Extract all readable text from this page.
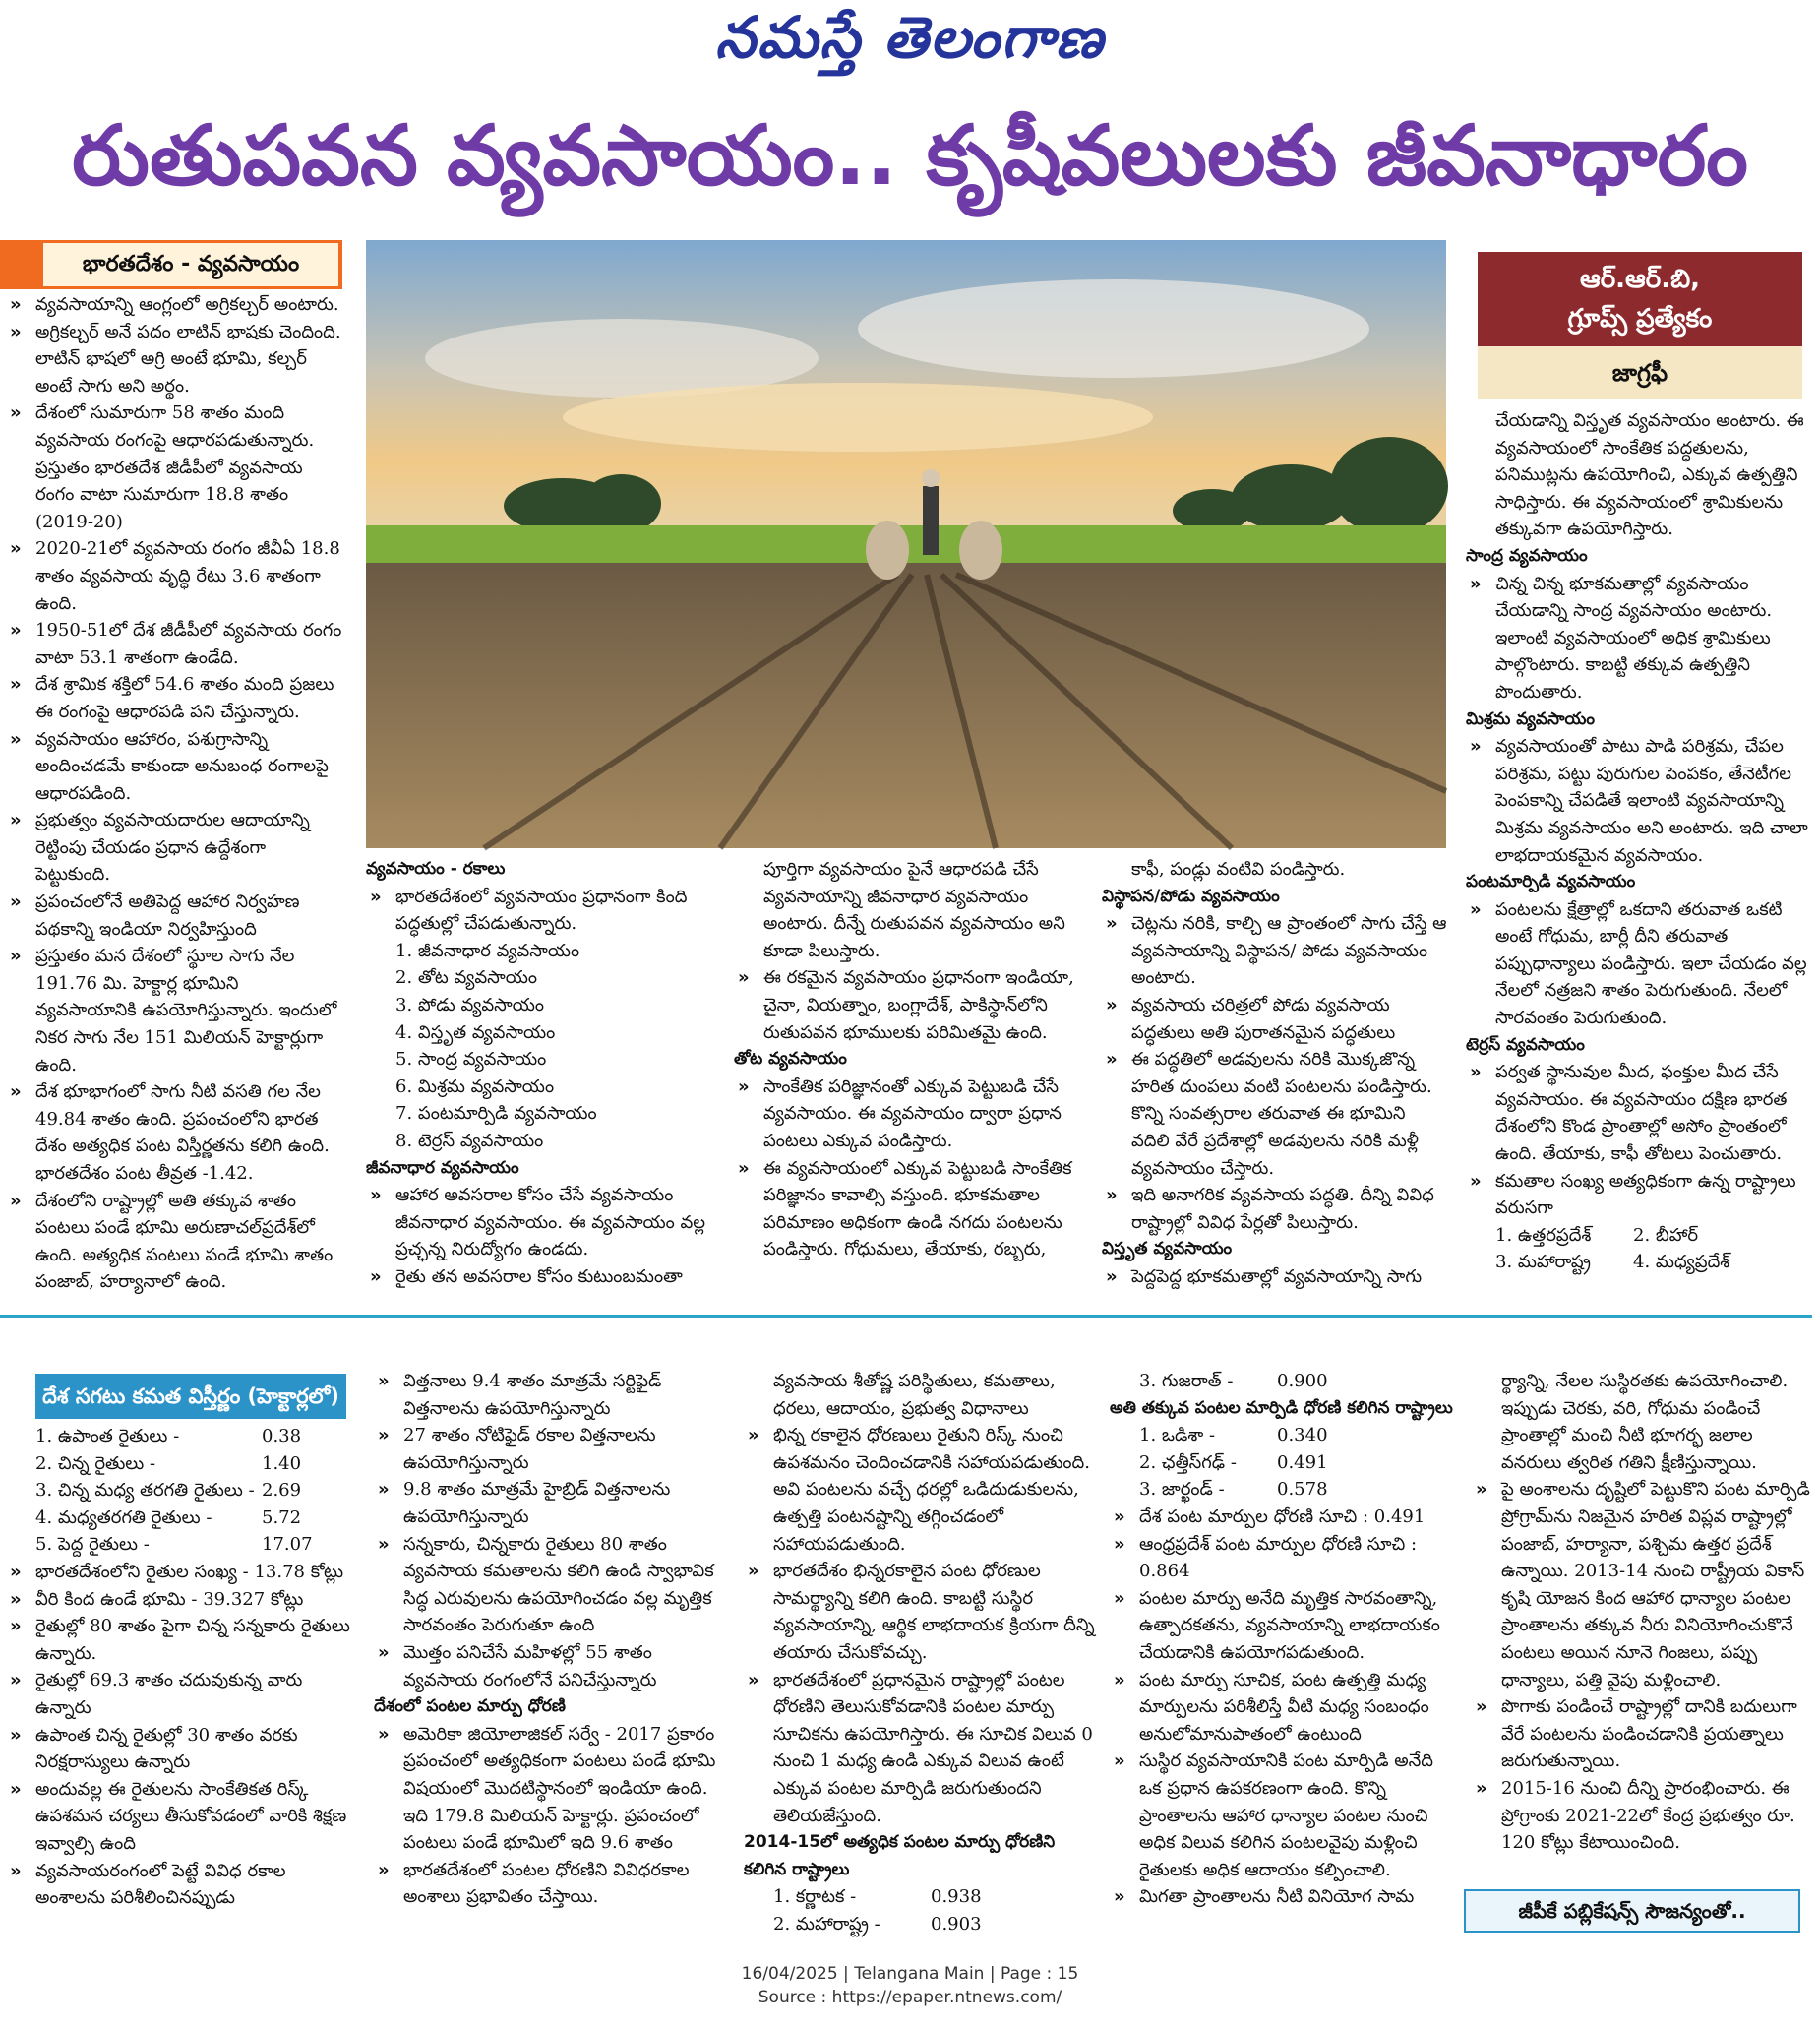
నమస్తే తెలంగాణ
రుతుపవన వ్యవసాయం.. కృషీవలులకు జీవనాధారం
భారతదేశం - వ్యవసాయం

» వ్యవసాయాన్ని ఆంగ్లంలో అగ్రికల్చర్ అంటారు.

» అగ్రికల్చర్ అనే పదం లాటిన్ భాషకు చెందింది. లాటిన్ భాషలో అగ్రి అంటే భూమి, కల్చర్ అంటే సాగు అని అర్థం.

» దేశంలో సుమారుగా 58 శాతం మంది వ్యవసాయ రంగంపై ఆధారపడుతున్నారు. ప్రస్తుతం భారతదేశ జీడీపీలో వ్యవసాయ రంగం వాటా సుమారుగా 18.8 శాతం (2019-20)

» 2020-21లో వ్యవసాయ రంగం జీవీఏ 18.8 శాతం వ్యవసాయ వృద్ధి రేటు 3.6 శాతంగా ఉంది.

» 1950-51లో దేశ జీడీపీలో వ్యవసాయ రంగం వాటా 53.1 శాతంగా ఉండేది.

» దేశ శ్రామిక శక్తిలో 54.6 శాతం మంది ప్రజలు ఈ రంగంపై ఆధారపడి పని చేస్తున్నారు.

» వ్యవసాయం ఆహారం, పశుగ్రాసాన్ని అందించడమే కాకుండా అనుబంధ రంగాలపై ఆధారపడింది.

» ప్రభుత్వం వ్యవసాయదారుల ఆదాయాన్ని రెట్టింపు చేయడం ప్రధాన ఉద్దేశంగా పెట్టుకుంది.

» ప్రపంచంలోనే అతిపెద్ద ఆహార నిర్వహణ పథకాన్ని ఇండియా నిర్వహిస్తుంది

» ప్రస్తుతం మన దేశంలో స్థూల సాగు నేల 191.76 మి. హెక్టార్ల భూమిని వ్యవసాయానికి ఉపయోగిస్తున్నారు. ఇందులో నికర సాగు నేల 151 మిలియన్ హెక్టార్లుగా ఉంది.

» దేశ భూభాగంలో సాగు నీటి వసతి గల నేల 49.84 శాతం ఉంది. ప్రపంచంలోని భారత దేశం అత్యధిక పంట విస్తీర్ణతను కలిగి ఉంది. భారతదేశం పంట తీవ్రత -1.42.

» దేశంలోని రాష్ట్రాల్లో అతి తక్కువ శాతం పంటలు పండే భూమి అరుణాచల్‌ప్రదేశ్‌లో ఉంది. అత్యధిక పంటలు పండే భూమి శాతం పంజాబ్, హర్యానాలో ఉంది.

ఆర్.ఆర్.బి,
గ్రూప్స్ ప్రత్యేకం
జాగ్రఫీ

వ్యవసాయం - రకాలు

» భారతదేశంలో వ్యవసాయం ప్రధానంగా కింది పద్ధతుల్లో చేపడుతున్నారు.

1. జీవనాధార వ్యవసాయం

2. తోట వ్యవసాయం

3. పోడు వ్యవసాయం

4. విస్తృత వ్యవసాయం

5. సాంద్ర వ్యవసాయం

6. మిశ్రమ వ్యవసాయం

7. పంటమార్పిడి వ్యవసాయం

8. టెర్రస్ వ్యవసాయం

జీవనాధార వ్యవసాయం

» ఆహార అవసరాల కోసం చేసే వ్యవసాయం జీవనాధార వ్యవసాయం. ఈ వ్యవసాయం వల్ల ప్రచ్ఛన్న నిరుద్యోగం ఉండదు.

» రైతు తన అవసరాల కోసం కుటుంబమంతా

పూర్తిగా వ్యవసాయం పైనే ఆధారపడి చేసే వ్యవసాయాన్ని జీవనాధార వ్యవసాయం అంటారు. దీన్నే రుతుపవన వ్యవసాయం అని కూడా పిలుస్తారు.

» ఈ రకమైన వ్యవసాయం ప్రధానంగా ఇండియా, చైనా, వియత్నాం, బంగ్లాదేశ్, పాకిస్థాన్‌లోని రుతుపవన భూములకు పరిమితమై ఉంది.

తోట వ్యవసాయం

» సాంకేతిక పరిజ్ఞానంతో ఎక్కువ పెట్టుబడి చేసే వ్యవసాయం. ఈ వ్యవసాయం ద్వారా ప్రధాన పంటలు ఎక్కువ పండిస్తారు.

» ఈ వ్యవసాయంలో ఎక్కువ పెట్టుబడి సాంకేతిక పరిజ్ఞానం కావాల్సి వస్తుంది. భూకమతాల పరిమాణం అధికంగా ఉండి నగదు పంటలను పండిస్తారు. గోధుమలు, తేయాకు, రబ్బరు,

కాఫీ, పండ్లు వంటివి పండిస్తారు.

విస్థాపన/పోడు వ్యవసాయం

» చెట్లను నరికి, కాల్చి ఆ ప్రాంతంలో సాగు చేస్తే ఆ వ్యవసాయాన్ని విస్థాపన/ పోడు వ్యవసాయం అంటారు.

» వ్యవసాయ చరిత్రలో పోడు వ్యవసాయ పద్ధతులు అతి పురాతనమైన పద్ధతులు

» ఈ పద్ధతిలో అడవులను నరికి మొక్కజొన్న హరిత దుంపలు వంటి పంటలను పండిస్తారు. కొన్ని సంవత్సరాల తరువాత ఈ భూమిని వదిలి వేరే ప్రదేశాల్లో అడవులను నరికి మళ్లీ వ్యవసాయం చేస్తారు.

» ఇది అనాగరిక వ్యవసాయ పద్ధతి. దీన్ని వివిధ రాష్ట్రాల్లో వివిధ పేర్లతో పిలుస్తారు.

విస్తృత వ్యవసాయం

» పెద్దపెద్ద భూకమతాల్లో వ్యవసాయాన్ని సాగు

చేయడాన్ని విస్తృత వ్యవసాయం అంటారు. ఈ వ్యవసాయంలో సాంకేతిక పద్ధతులను, పనిముట్లను ఉపయోగించి, ఎక్కువ ఉత్పత్తిని సాధిస్తారు. ఈ వ్యవసాయంలో శ్రామికులను తక్కువగా ఉపయోగిస్తారు.

సాంద్ర వ్యవసాయం

» చిన్న చిన్న భూకమతాల్లో వ్యవసాయం చేయడాన్ని సాంద్ర వ్యవసాయం అంటారు. ఇలాంటి వ్యవసాయంలో అధిక శ్రామికులు పాల్గొంటారు. కాబట్టి తక్కువ ఉత్పత్తిని పొందుతారు.

మిశ్రమ వ్యవసాయం

» వ్యవసాయంతో పాటు పాడి పరిశ్రమ, చేపల పరిశ్రమ, పట్టు పురుగుల పెంపకం, తేనెటీగల పెంపకాన్ని చేపడితే ఇలాంటి వ్యవసాయాన్ని మిశ్రమ వ్యవసాయం అని అంటారు. ఇది చాలా లాభదాయకమైన వ్యవసాయం.

పంటమార్పిడి వ్యవసాయం

» పంటలను క్షేత్రాల్లో ఒకదాని తరువాత ఒకటి అంటే గోధుమ, బార్లీ దీని తరువాత పప్పుధాన్యాలు పండిస్తారు. ఇలా చేయడం వల్ల నేలలో నత్రజని శాతం పెరుగుతుంది. నేలలో సారవంతం పెరుగుతుంది.

టెర్రస్ వ్యవసాయం

» పర్వత స్థానువుల మీద, ఫంక్తుల మీద చేసే వ్యవసాయం. ఈ వ్యవసాయం దక్షిణ భారత దేశంలోని కొండ ప్రాంతాల్లో అసోం ప్రాంతంలో ఉంది. తేయాకు, కాఫీ తోటలు పెంచుతారు.

» కమతాల సంఖ్య అత్యధికంగా ఉన్న రాష్ట్రాలు వరుసగా

1. ఉత్తరప్రదేశ్ 2. బీహార్

3. మహారాష్ట్ర 4. మధ్యప్రదేశ్

దేశ సగటు కమత విస్తీర్ణం (హెక్టార్లలో)

1. ఉపాంత రైతులు -	0.38

2. చిన్న రైతులు -	1.40

3. చిన్న మధ్య తరగతి రైతులు - 2.69

4. మధ్యతరగతి రైతులు -	5.72

5. పెద్ద రైతులు -	17.07

» భారతదేశంలోని రైతుల సంఖ్య - 13.78 కోట్లు

» వీరి కింద ఉండే భూమి - 39.327 కోట్లు

» రైతుల్లో 80 శాతం పైగా చిన్న సన్నకారు రైతులు ఉన్నారు.

» రైతుల్లో 69.3 శాతం చదువుకున్న వారు ఉన్నారు

» ఉపాంత చిన్న రైతుల్లో 30 శాతం వరకు నిరక్షరాస్యులు ఉన్నారు

» అందువల్ల ఈ రైతులను సాంకేతికత రిస్క్ ఉపశమన చర్యలు తీసుకోవడంలో వారికి శిక్షణ ఇవ్వాల్సి ఉంది

» వ్యవసాయరంగంలో పెట్టే వివిధ రకాల అంశాలను పరిశీలించినప్పుడు

» విత్తనాలు 9.4 శాతం మాత్రమే సర్టిఫైడ్ విత్తనాలను ఉపయోగిస్తున్నారు

» 27 శాతం నోటిఫైడ్ రకాల విత్తనాలను ఉపయోగిస్తున్నారు

» 9.8 శాతం మాత్రమే హైబ్రిడ్ విత్తనాలను ఉపయోగిస్తున్నారు

» సన్నకారు, చిన్నకారు రైతులు 80 శాతం వ్యవసాయ కమతాలను కలిగి ఉండి స్వాభావిక సిద్ధ ఎరువులను ఉపయోగించడం వల్ల మృత్తిక సారవంతం పెరుగుతూ ఉంది

» మొత్తం పనిచేసే మహిళల్లో 55 శాతం వ్యవసాయ రంగంలోనే పనిచేస్తున్నారు

దేశంలో పంటల మార్పు ధోరణి

» అమెరికా జియోలాజికల్ సర్వే - 2017 ప్రకారం ప్రపంచంలో అత్యధికంగా పంటలు పండే భూమి విషయంలో మొదటిస్థానంలో ఇండియా ఉంది. ఇది 179.8 మిలియన్ హెక్టార్లు. ప్రపంచంలో పంటలు పండే భూమిలో ఇది 9.6 శాతం

» భారతదేశంలో పంటల ధోరణిని వివిధరకాల అంశాలు ప్రభావితం చేస్తాయి.

వ్యవసాయ శీతోష్ణ పరిస్థితులు, కమతాలు, ధరలు, ఆదాయం, ప్రభుత్వ విధానాలు

» భిన్న రకాలైన ధోరణులు రైతుని రిస్క్ నుంచి ఉపశమనం చెందించడానికి సహాయపడుతుంది. అవి పంటలను వచ్చే ధరల్లో ఒడిదుడుకులను, ఉత్పత్తి పంటనష్టాన్ని తగ్గించడంలో సహాయపడుతుంది.

» భారతదేశం భిన్నరకాలైన పంట ధోరణుల సామర్థ్యాన్ని కలిగి ఉంది. కాబట్టి సుస్థిర వ్యవసాయాన్ని, ఆర్థిక లాభదాయక క్రియగా దీన్ని తయారు చేసుకోవచ్చు.

» భారతదేశంలో ప్రధానమైన రాష్ట్రాల్లో పంటల ధోరణిని తెలుసుకోవడానికి పంటల మార్పు సూచికను ఉపయోగిస్తారు. ఈ సూచిక విలువ 0 నుంచి 1 మధ్య ఉండి ఎక్కువ విలువ ఉంటే ఎక్కువ పంటల మార్పిడి జరుగుతుందని తెలియజేస్తుంది.

2014-15లో అత్యధిక పంటల మార్పు ధోరణిని కలిగిన రాష్ట్రాలు

1. కర్ణాటక -	0.938

2. మహారాష్ట్ర -	0.903

3. గుజరాత్ - 0.900

అతి తక్కువ పంటల మార్పిడి ధోరణి కలిగిన రాష్ట్రాలు

1. ఒడిశా -	0.340

2. ఛత్తీస్‌గఢ్ - 0.491

3. జార్ఖండ్ -	0.578

» దేశ పంట మార్పుల ధోరణి సూచి : 0.491

» ఆంధ్రప్రదేశ్ పంట మార్పుల ధోరణి సూచి : 0.864

» పంటల మార్పు అనేది మృత్తిక సారవంతాన్ని, ఉత్పాదకతను, వ్యవసాయాన్ని లాభదాయకం చేయడానికి ఉపయోగపడుతుంది.

» పంట మార్పు సూచిక, పంట ఉత్పత్తి మధ్య మార్పులను పరిశీలిస్తే వీటి మధ్య సంబంధం అనులోమానుపాతంలో ఉంటుంది

» సుస్థిర వ్యవసాయానికి పంట మార్పిడి అనేది ఒక ప్రధాన ఉపకరణంగా ఉంది. కొన్ని ప్రాంతాలను ఆహార ధాన్యాల పంటల నుంచి అధిక విలువ కలిగిన పంటలవైపు మళ్లించి రైతులకు అధిక ఆదాయం కల్పించాలి.

» మిగతా ప్రాంతాలను నీటి వినియోగ సామ

ర్థ్యాన్ని, నేలల సుస్థిరతకు ఉపయోగించాలి. ఇప్పుడు చెరకు, వరి, గోధుమ పండించే ప్రాంతాల్లో మంచి నీటి భూగర్భ జలాల వనరులు త్వరిత గతిని క్షీణిస్తున్నాయి.

» పై అంశాలను దృష్టిలో పెట్టుకొని పంట మార్పిడి ప్రోగ్రామ్‌ను నిజమైన హరిత విప్లవ రాష్ట్రాల్లో పంజాబ్, హర్యానా, పశ్చిమ ఉత్తర ప్రదేశ్ ఉన్నాయి. 2013-14 నుంచి రాష్ట్రీయ వికాస్ కృషి యోజన కింద ఆహార ధాన్యాల పంటల ప్రాంతాలను తక్కువ నీరు వినియోగించుకొనే పంటలు అయిన నూనె గింజలు, పప్పు ధాన్యాలు, పత్తి వైపు మళ్లించాలి.

» పొగాకు పండించే రాష్ట్రాల్లో దానికి బదులుగా వేరే పంటలను పండించడానికి ప్రయత్నాలు జరుగుతున్నాయి.

» 2015-16 నుంచి దీన్ని ప్రారంభించారు. ఈ ప్రోగ్రాంకు 2021-22లో కేంద్ర ప్రభుత్వం రూ. 120 కోట్లు కేటాయించింది.

జీపీకే పబ్లికేషన్స్ సౌజన్యంతో..
16/04/2025 | Telangana Main | Page : 15
Source : https://epaper.ntnews.com/
